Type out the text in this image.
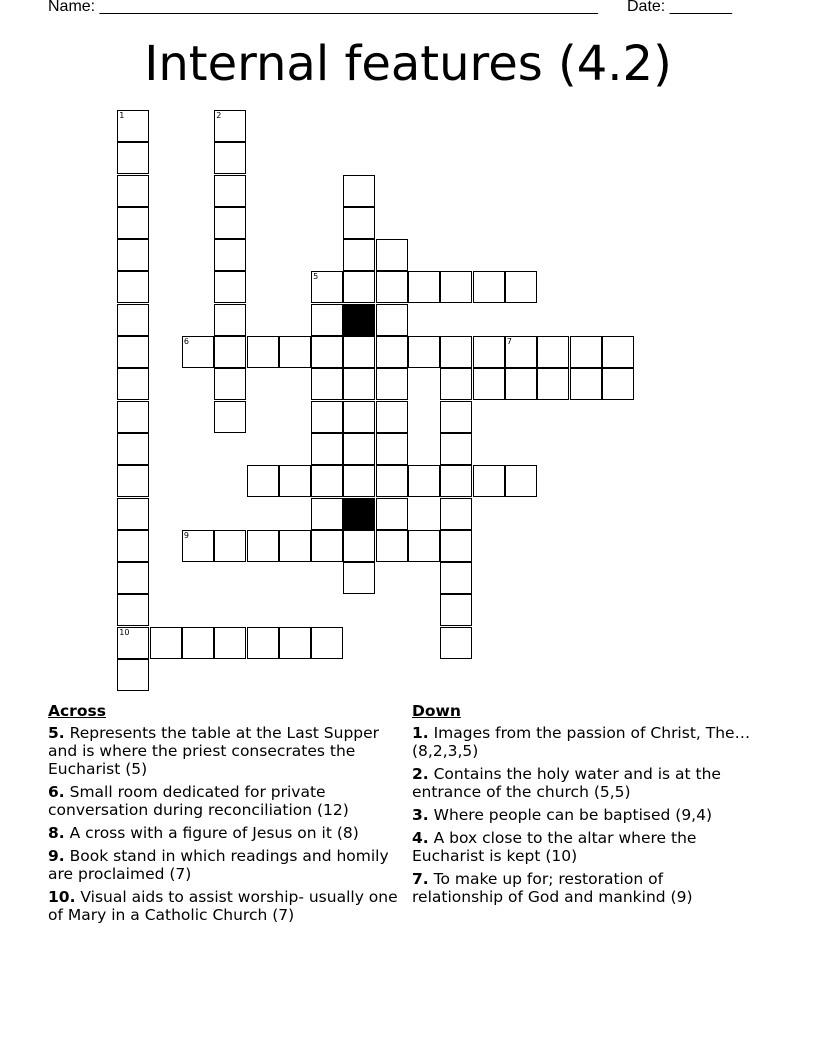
Name: ________________________________________________________ Date: _______
Internal features (4.2)
1
10
2
6	7
5
9
Across
5. Represents the table at the Last Supper and is where the priest consecrates the Eucharist (5)
6. Small room dedicated for private conversation during reconciliation (12)
8. A cross with a figure of Jesus on it (8)
9. Book stand in which readings and homily are proclaimed (7)
10. Visual aids to assist worship- usually one of Mary in a Catholic Church (7)
Down
1. Images from the passion of Christ, The… (8,2,3,5)
2. Contains the holy water and is at the entrance of the church (5,5)
3. Where people can be baptised (9,4)
4. A box close to the altar where the Eucharist is kept (10)
7. To make up for; restoration of relationship of God and mankind (9)
